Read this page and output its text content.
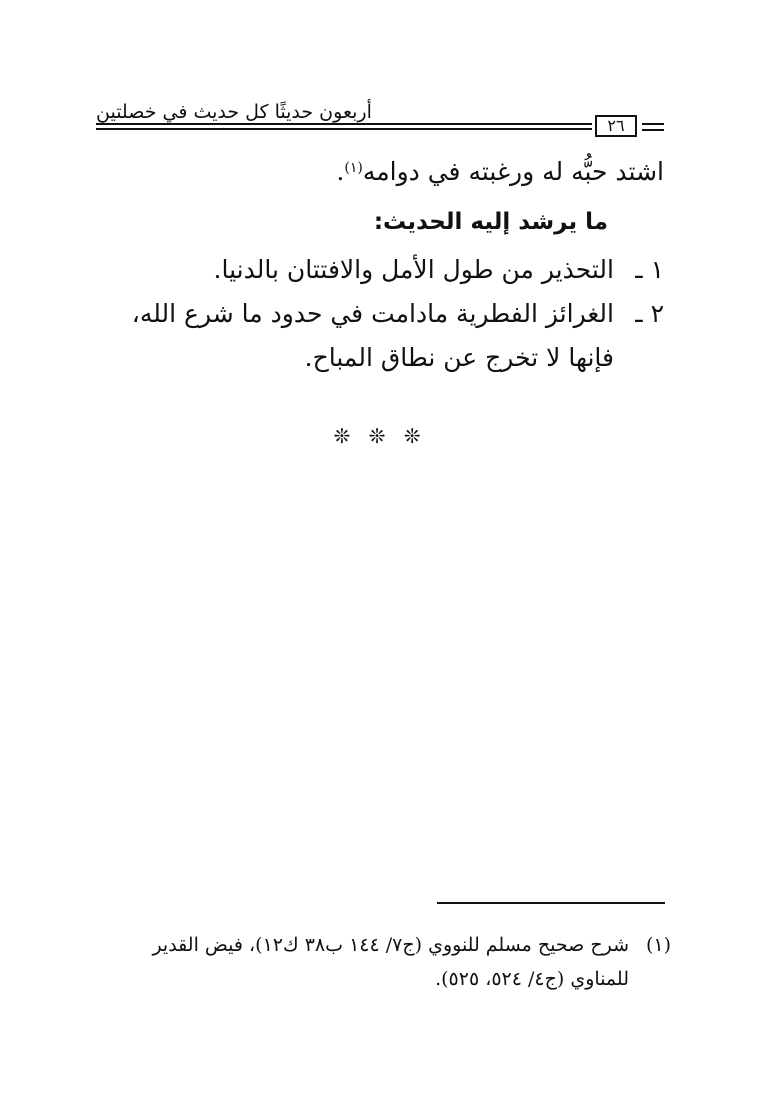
أربعون حديثًا كل حديث في خصلتين
٢٦

اشتد حبُّه له ورغبته في دوامه$^{(١)}$.

ما يرشد إليه الحديث:

١ ـ
التحذير من طول الأمل والافتتان بالدنيا.
٢ ـ
الغرائز الفطرية مادامت في حدود ما شرع الله، فإنها لا تخرج عن نطاق المباح.
❊ ❊ ❊

(١)
شرح صحيح مسلم للنووي (ج٧/ ١٤٤ ب٣٨ ك١٢)، فيض القدير للمناوي (ج٤/ ٥٢٤، ٥٢٥).
